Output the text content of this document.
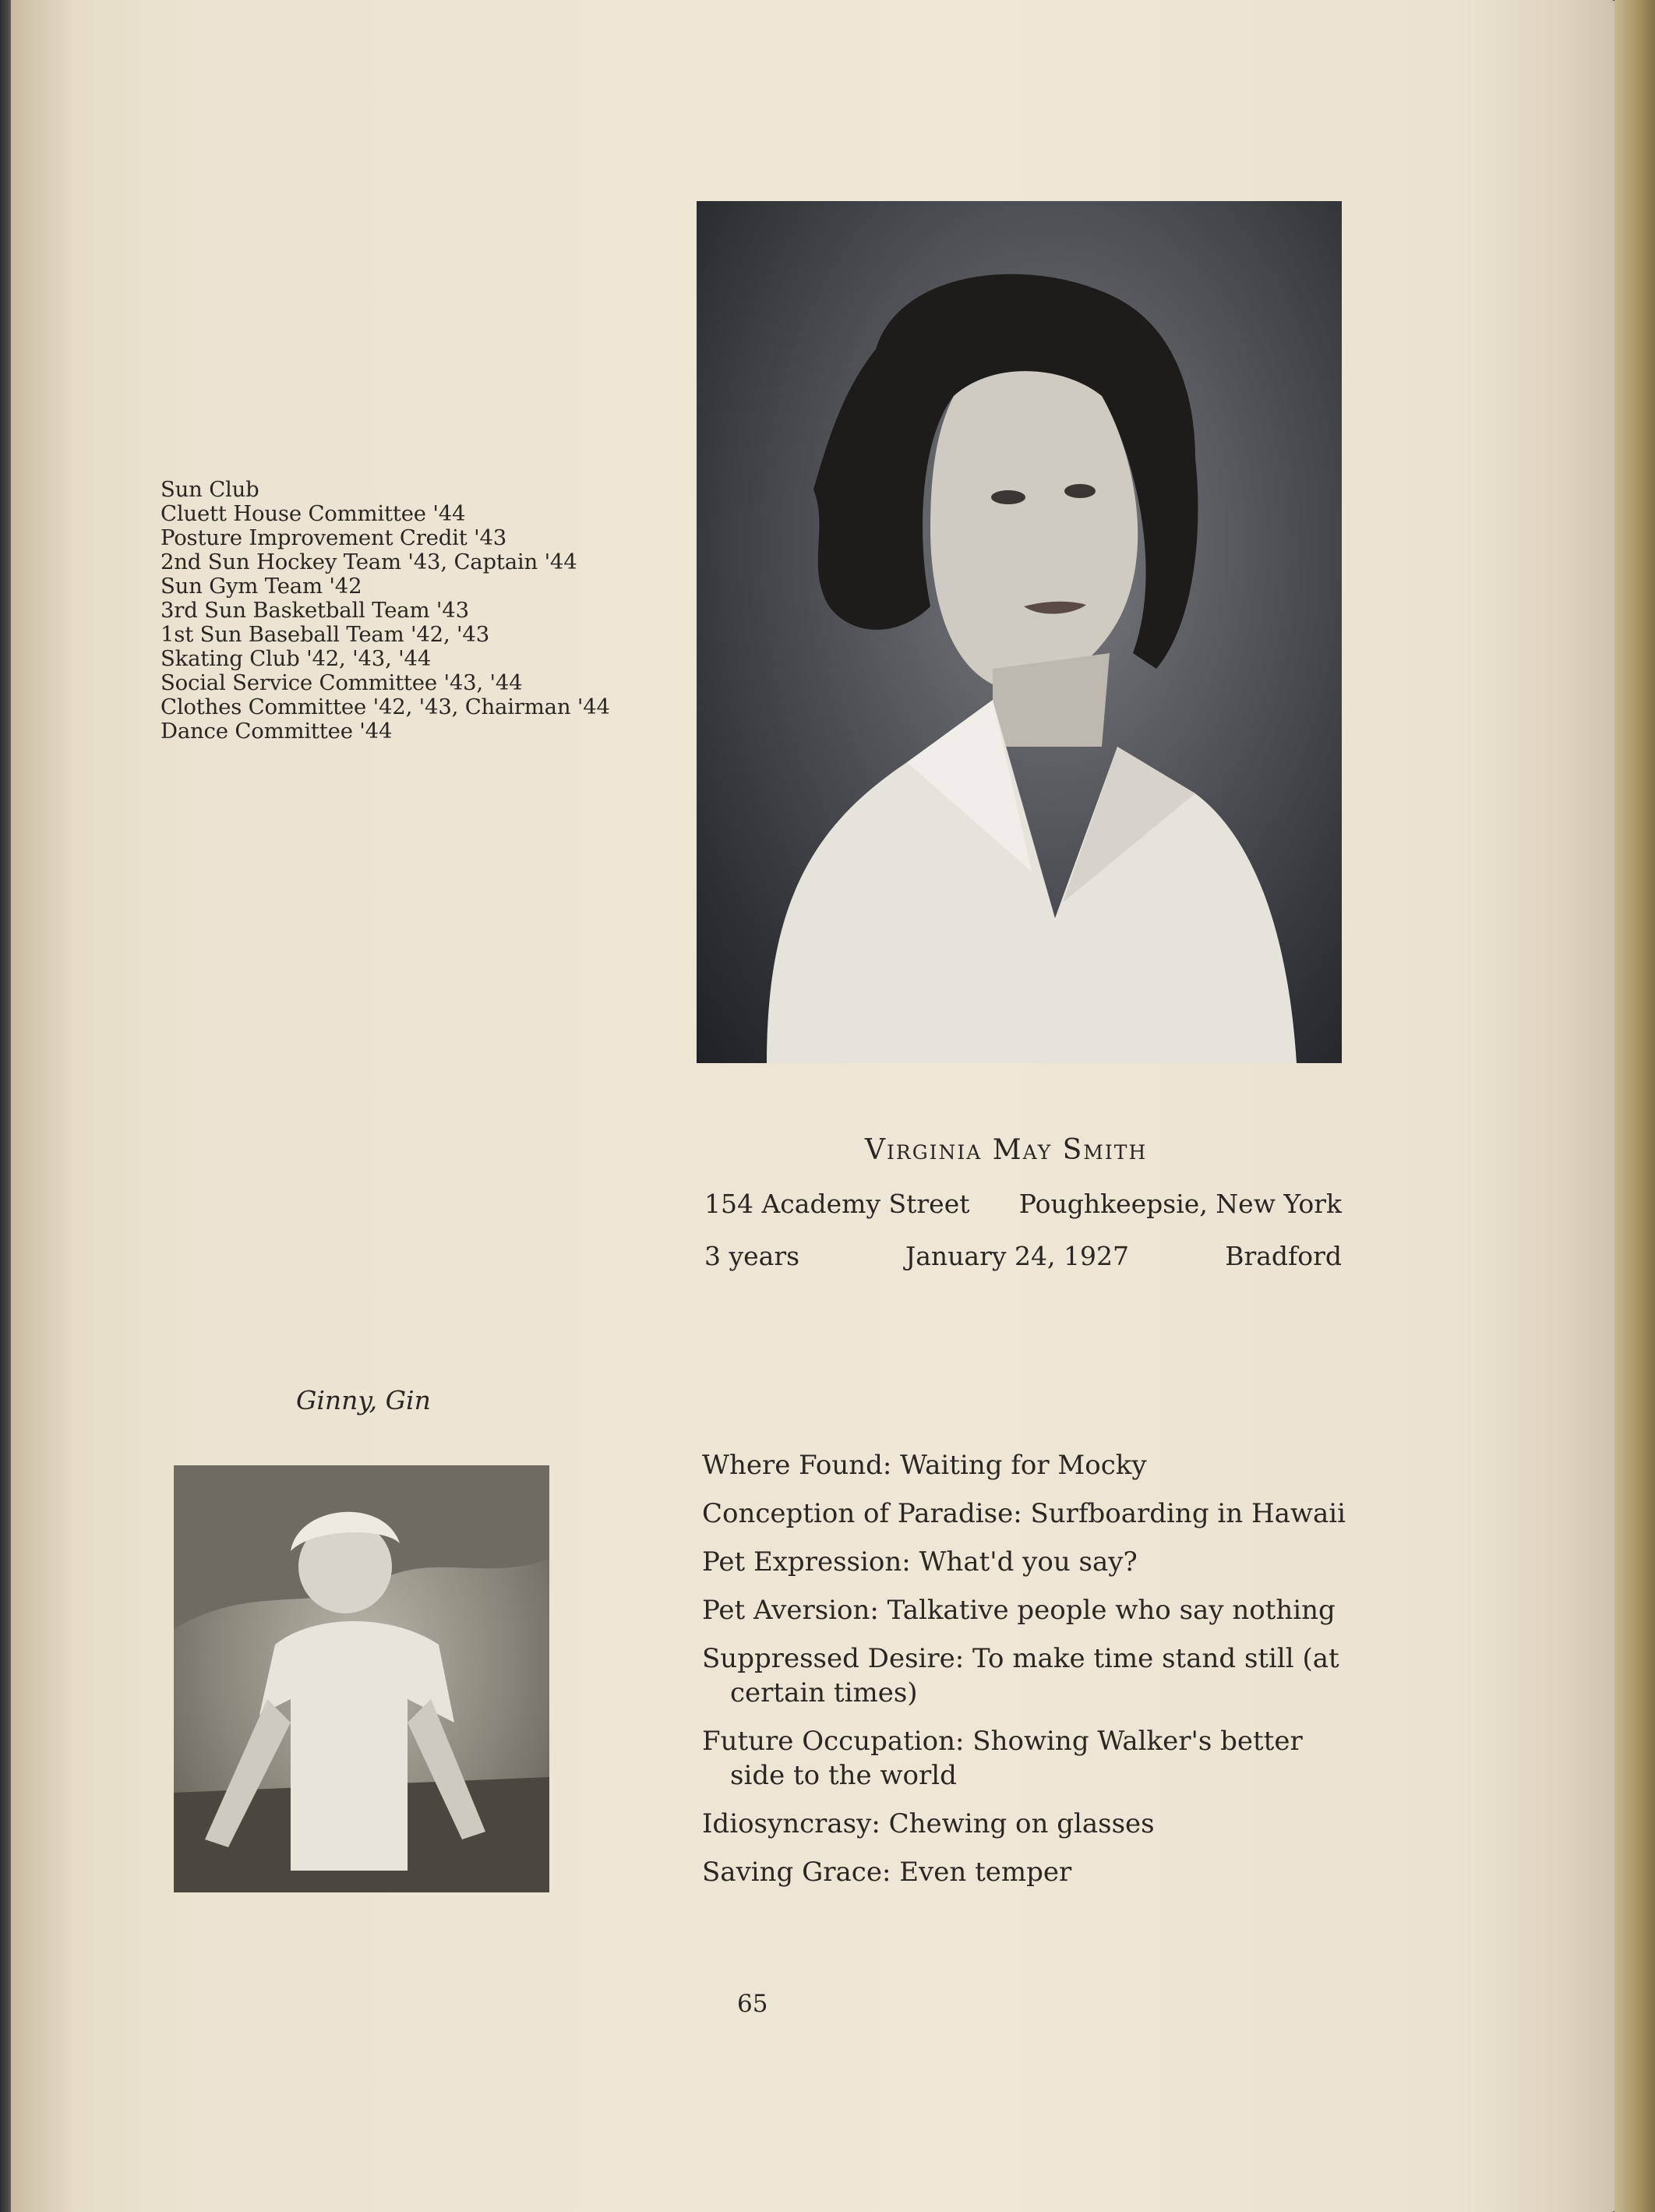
Sun Club
Cluett House Committee '44
Posture Improvement Credit '43
2nd Sun Hockey Team '43, Captain '44
Sun Gym Team '42
3rd Sun Basketball Team '43
1st Sun Baseball Team '42, '43
Skating Club '42, '43, '44
Social Service Committee '43, '44
Clothes Committee '42, '43, Chairman '44
Dance Committee '44
Virginia May Smith
154 Academy Street Poughkeepsie, New York
3 years	January 24, 1927	Bradford
Ginny, Gin
Where Found: Waiting for Mocky
Conception of Paradise: Surfboarding in Hawaii
Pet Expression: What'd you say?
Pet Aversion: Talkative people who say nothing
Suppressed Desire: To make time stand still (at certain times)
Future Occupation: Showing Walker's better side to the world
Idiosyncrasy: Chewing on glasses
Saving Grace: Even temper
65
